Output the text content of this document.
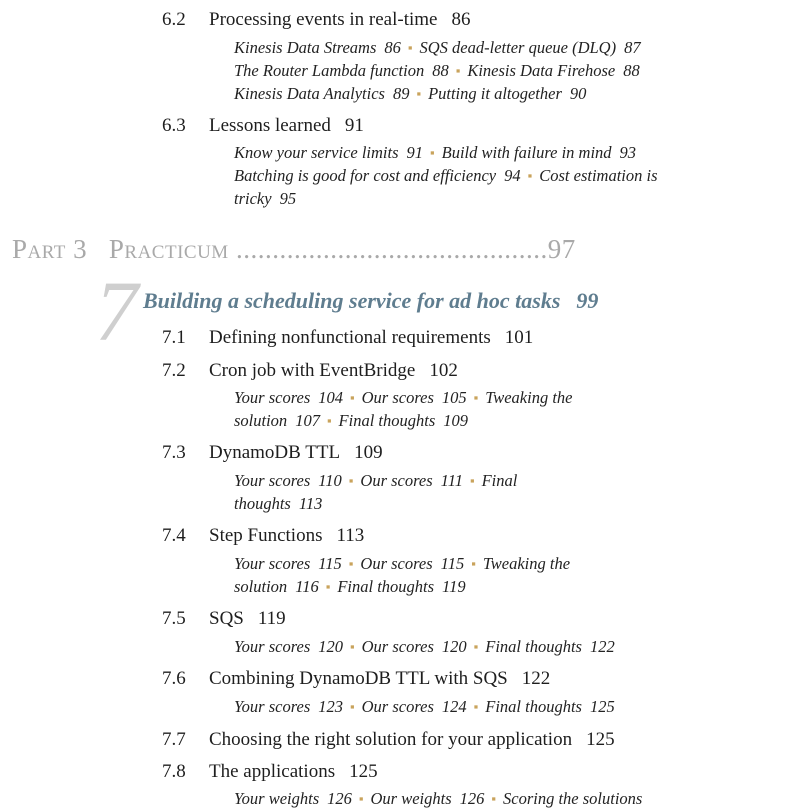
6.2 Processing events in real-time 86
Kinesis Data Streams 86 ▪ SQS dead-letter queue (DLQ) 87
The Router Lambda function 88 ▪ Kinesis Data Firehose 88
Kinesis Data Analytics 89 ▪ Putting it altogether 90
6.3 Lessons learned 91
Know your service limits 91 ▪ Build with failure in mind 93
Batching is good for cost and efficiency 94 ▪ Cost estimation is
tricky 95
7.1 Defining nonfunctional requirements 101
7.2 Cron job with EventBridge 102
Your scores 104 ▪ Our scores 105 ▪ Tweaking the
solution 107 ▪ Final thoughts 109
7.3 DynamoDB TTL 109
Your scores 110 ▪ Our scores 111 ▪ Final
thoughts 113
7.4 Step Functions 113
Your scores 115 ▪ Our scores 115 ▪ Tweaking the
solution 116 ▪ Final thoughts 119
7.5 SQS 119
Your scores 120 ▪ Our scores 120 ▪ Final thoughts 122
7.6 Combining DynamoDB TTL with SQS 122
Your scores 123 ▪ Our scores 124 ▪ Final thoughts 125
7.7 Choosing the right solution for your application 125
7.8 The applications 125
Your weights 126 ▪ Our weights 126 ▪ Scoring the solutions
Part 3 Practicum ...........................................97
7 Building a scheduling service for ad hoc tasks 99
